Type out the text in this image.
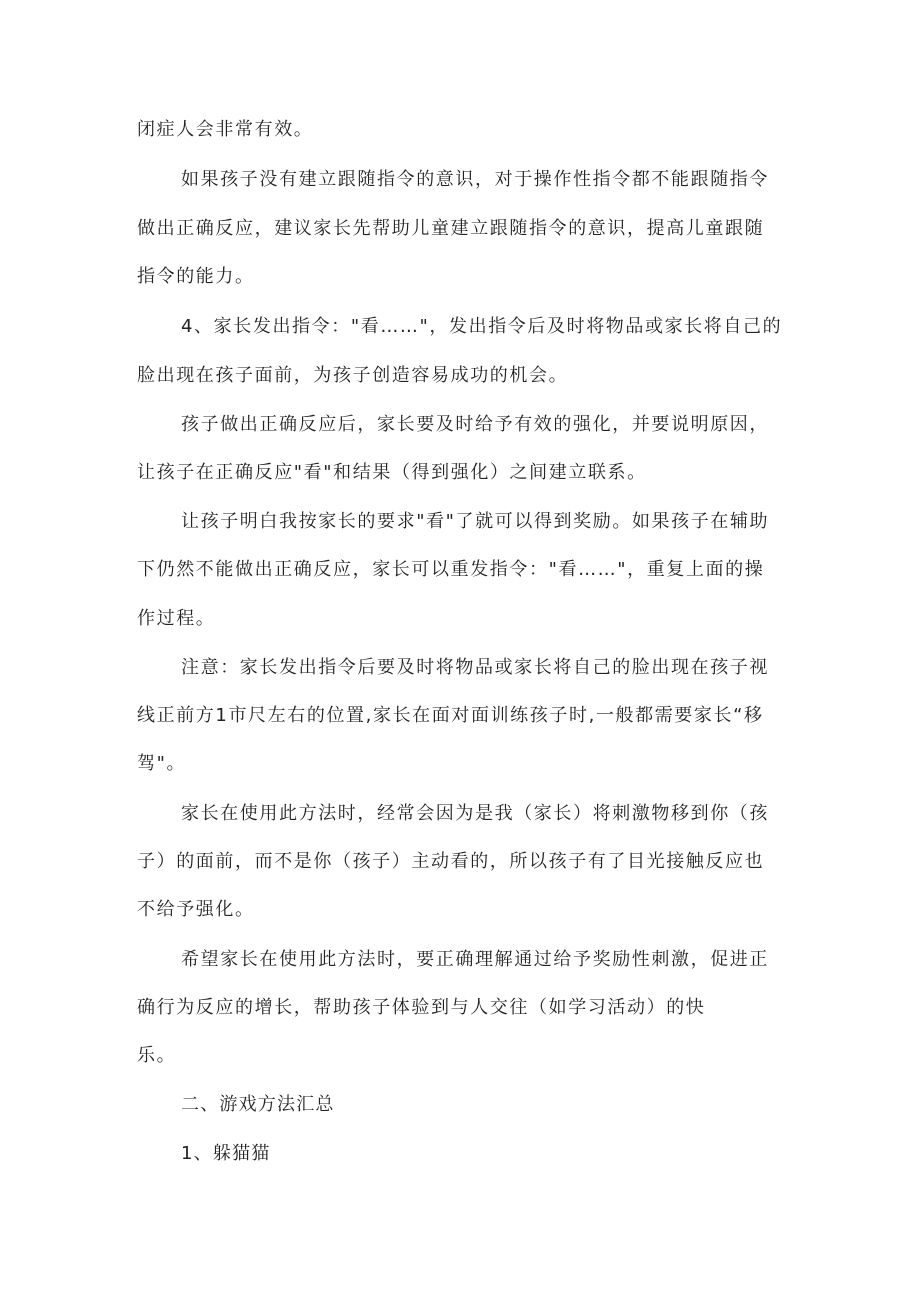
闭症人会非常有效。
如果孩子没有建立跟随指令的意识，对于操作性指令都不能跟随指令
做出正确反应，建议家长先帮助儿童建立跟随指令的意识，提高儿童跟随
指令的能力。
4、家长发出指令："看……"，发出指令后及时将物品或家长将自己的
脸出现在孩子面前，为孩子创造容易成功的机会。
孩子做出正确反应后，家长要及时给予有效的强化，并要说明原因，
让孩子在正确反应"看"和结果（得到强化）之间建立联系。
让孩子明白我按家长的要求"看"了就可以得到奖励。如果孩子在辅助
下仍然不能做出正确反应，家长可以重发指令："看……"，重复上面的操
作过程。
注意：家长发出指令后要及时将物品或家长将自己的脸出现在孩子视
线正前方1市尺左右的位置,家长在面对面训练孩子时,一般都需要家长“移
驾"。
家长在使用此方法时，经常会因为是我（家长）将刺激物移到你（孩
子）的面前，而不是你（孩子）主动看的，所以孩子有了目光接触反应也
不给予强化。
希望家长在使用此方法时，要正确理解通过给予奖励性刺激，促进正
确行为反应的增长，帮助孩子体验到与人交往（如学习活动）的快
乐。
二、游戏方法汇总
1、躲猫猫
